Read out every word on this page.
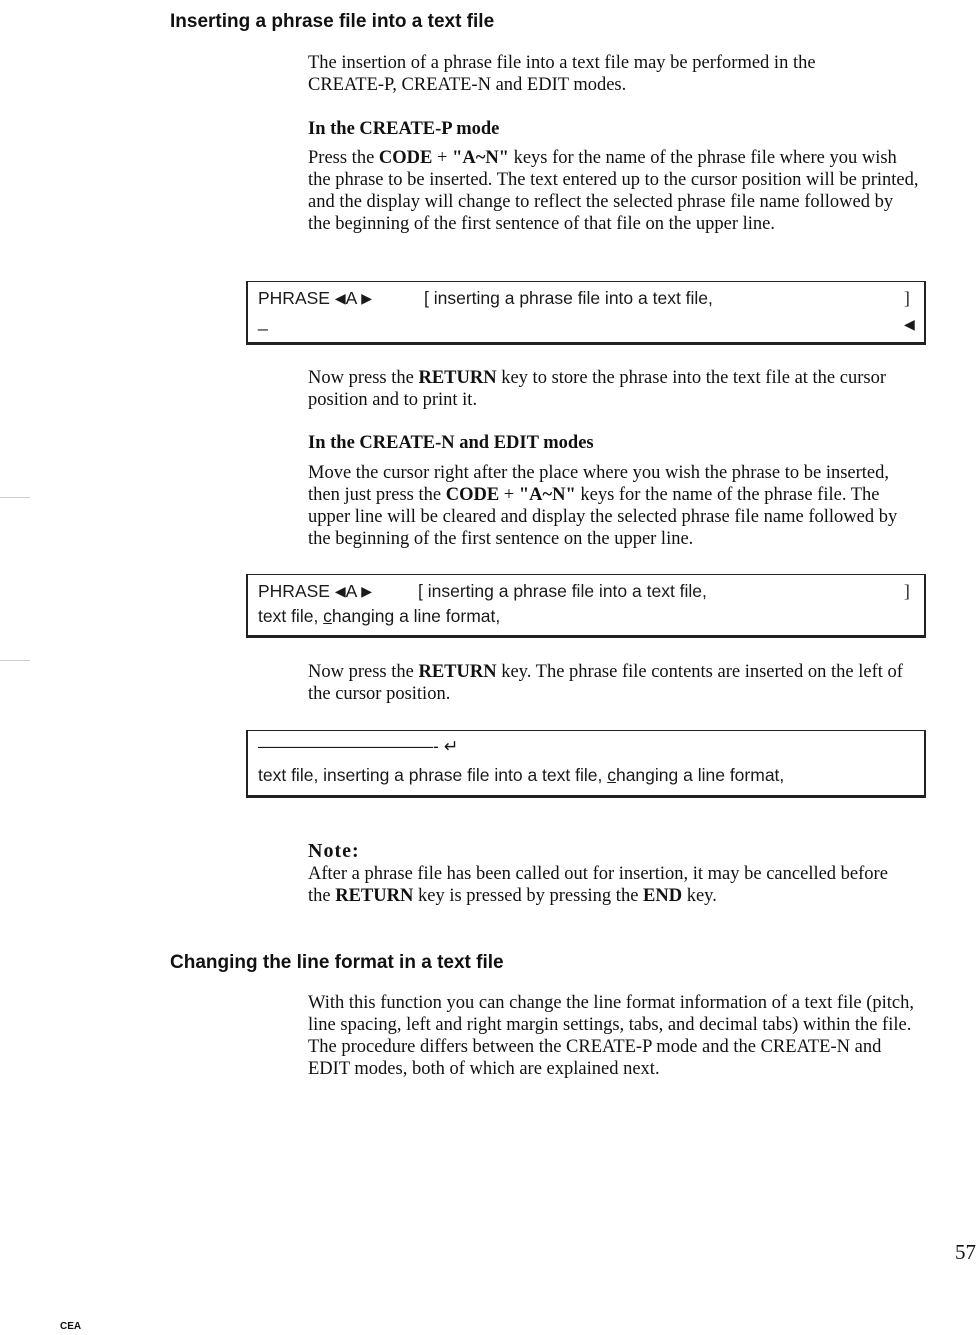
Inserting a phrase file into a text file

The insertion of a phrase file into a text file may be performed in the
CREATE-P, CREATE-N and EDIT modes.

In the CREATE-P mode

Press the CODE + "A~N" keys for the name of the phrase file where you wish the phrase to be inserted. The text entered up to the cursor position will be printed, and the display will change to reflect the selected phrase file name followed by the beginning of the first sentence of that file on the upper line.

PHRASE ◀A ▶	[ inserting a phrase file into a text file,	]
_	◀

Now press the RETURN key to store the phrase into the text file at the cursor position and to print it.

In the CREATE-N and EDIT modes

Move the cursor right after the place where you wish the phrase to be inserted, then just press the CODE + "A~N" keys for the name of the phrase file. The upper line will be cleared and display the selected phrase file name followed by the beginning of the first sentence on the upper line.

PHRASE ◀A ▶	[ inserting a phrase file into a text file,	]
text file, changing a line format,

Now press the RETURN key. The phrase file contents are inserted on the left of the cursor position.

——————————- ↵
text file, inserting a phrase file into a text file, changing a line format,
Note:

After a phrase file has been called out for insertion, it may be cancelled before the RETURN key is pressed by pressing the END key.

Changing the line format in a text file

With this function you can change the line format information of a text file (pitch, line spacing, left and right margin settings, tabs, and decimal tabs) within the file. The procedure differs between the CREATE-P mode and the CREATE-N and EDIT modes, both of which are explained next.

57
CEA
